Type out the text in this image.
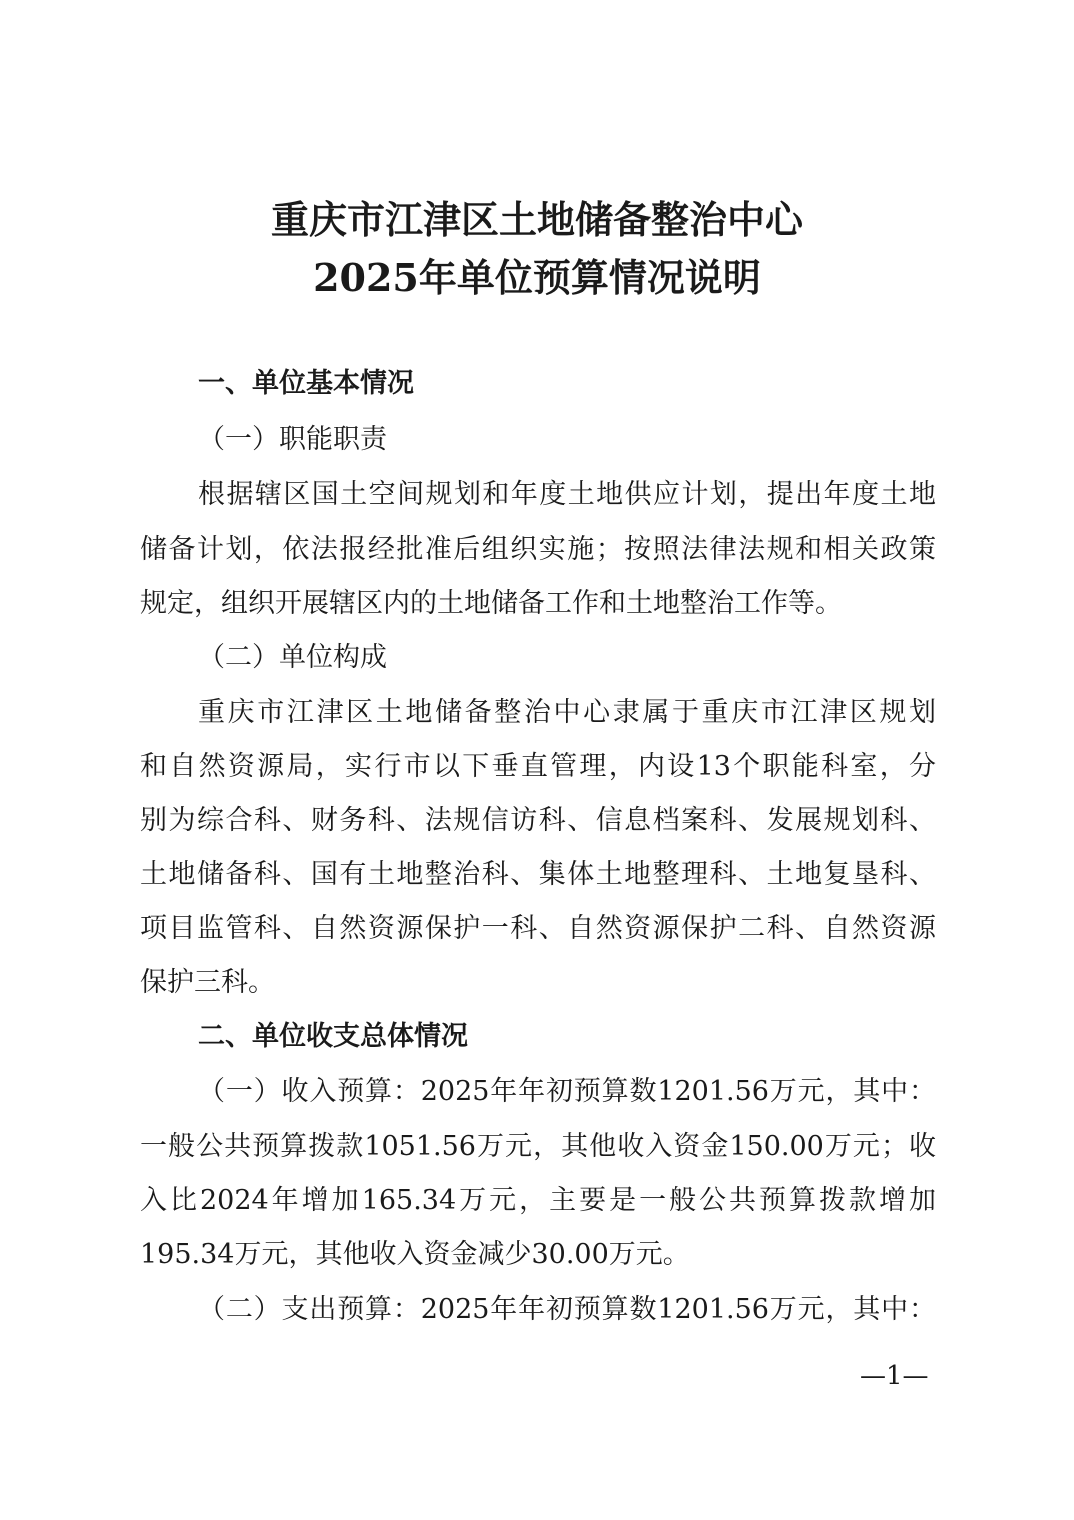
重庆市江津区土地储备整治中心
2025年单位预算情况说明
一、单位基本情况
（一）职能职责
根据辖区国土空间规划和年度土地供应计划，提出年度土地
储备计划，依法报经批准后组织实施；按照法律法规和相关政策
规定，组织开展辖区内的土地储备工作和土地整治工作等。
（二）单位构成
重庆市江津区土地储备整治中心隶属于重庆市江津区规划
和自然资源局，实行市以下垂直管理，内设13个职能科室，分
别为综合科、财务科、法规信访科、信息档案科、发展规划科、
土地储备科、国有土地整治科、集体土地整理科、土地复垦科、
项目监管科、自然资源保护一科、自然资源保护二科、自然资源
保护三科。
二、单位收支总体情况
（一）收入预算：2025年年初预算数1201.56万元，其中：
一般公共预算拨款1051.56万元，其他收入资金150.00万元；收
入比2024年增加165.34万元，主要是一般公共预算拨款增加
195.34万元，其他收入资金减少30.00万元。
（二）支出预算：2025年年初预算数1201.56万元，其中：
—1—
